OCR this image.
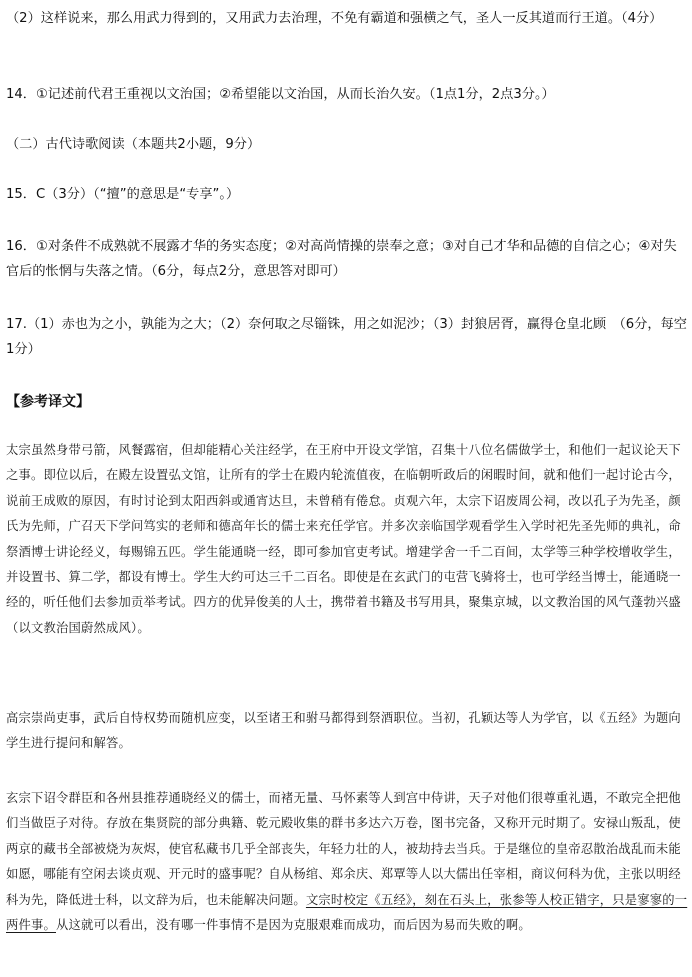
（2）这样说来，那么用武力得到的，又用武力去治理，不免有霸道和强横之气，圣人一反其道而行王道。（4分）

14．①记述前代君王重视以文治国；②希望能以文治国，从而长治久安。（1点1分，2点3分。）

（二）古代诗歌阅读（本题共2小题，9分）

15．C（3分）（“擅”的意思是“专享”。）

16．①对条件不成熟就不展露才华的务实态度；②对高尚情操的崇奉之意；③对自己才华和品德的自信之心；④对失官后的怅惘与失落之情。（6分，每点2分，意思答对即可）

17.（1）赤也为之小，孰能为之大；（2）奈何取之尽锱铢，用之如泥沙；（3）封狼居胥，赢得仓皇北顾　（6分，每空1分）

【参考译文】

太宗虽然身带弓箭，风餐露宿，但却能精心关注经学，在王府中开设文学馆，召集十八位名儒做学士，和他们一起议论天下之事。即位以后，在殿左设置弘文馆，让所有的学士在殿内轮流值夜，在临朝听政后的闲暇时间，就和他们一起讨论古今，说前王成败的原因，有时讨论到太阳西斜或通宵达旦，未曾稍有倦怠。贞观六年，太宗下诏废周公祠，改以孔子为先圣，颜氏为先师，广召天下学问笃实的老师和德高年长的儒士来充任学官。并多次亲临国学观看学生入学时祀先圣先师的典礼，命祭酒博士讲论经义，每赐锦五匹。学生能通晓一经，即可参加官吏考试。增建学舍一千二百间，太学等三种学校增收学生，并设置书、算二学，都设有博士。学生大约可达三千二百名。即使是在玄武门的屯营飞骑将士，也可学经当博士，能通晓一经的，听任他们去参加贡举考试。四方的优异俊美的人士，携带着书籍及书写用具，聚集京城，以文教治国的风气蓬勃兴盛（以文教治国蔚然成风）。

高宗崇尚吏事，武后自恃权势而随机应变，以至诸王和驸马都得到祭酒职位。当初，孔颖达等人为学官，以《五经》为题向学生进行提问和解答。

玄宗下诏令群臣和各州县推荐通晓经义的儒士，而褚无量、马怀素等人到宫中侍讲，天子对他们很尊重礼遇，不敢完全把他们当做臣子对待。存放在集贤院的部分典籍、乾元殿收集的群书多达六万卷，图书完备，又称开元时期了。安禄山叛乱，使两京的藏书全部被烧为灰烬，使官私藏书几乎全部丧失，年轻力壮的人，被劫持去当兵。于是继位的皇帝忍散治战乱而未能如愿，哪能有空闲去谈贞观、开元时的盛事呢？自从杨绾、郑余庆、郑覃等人以大儒出任宰相，商议何科为优，主张以明经科为先，降低进士科，以文辞为后，也未能解决问题。文宗时校定《五经》，刻在石头上，张参等人校正错字，只是寥寥的一两件事。从这就可以看出，没有哪一件事情不是因为克服艰难而成功，而后因为易而失败的啊。
